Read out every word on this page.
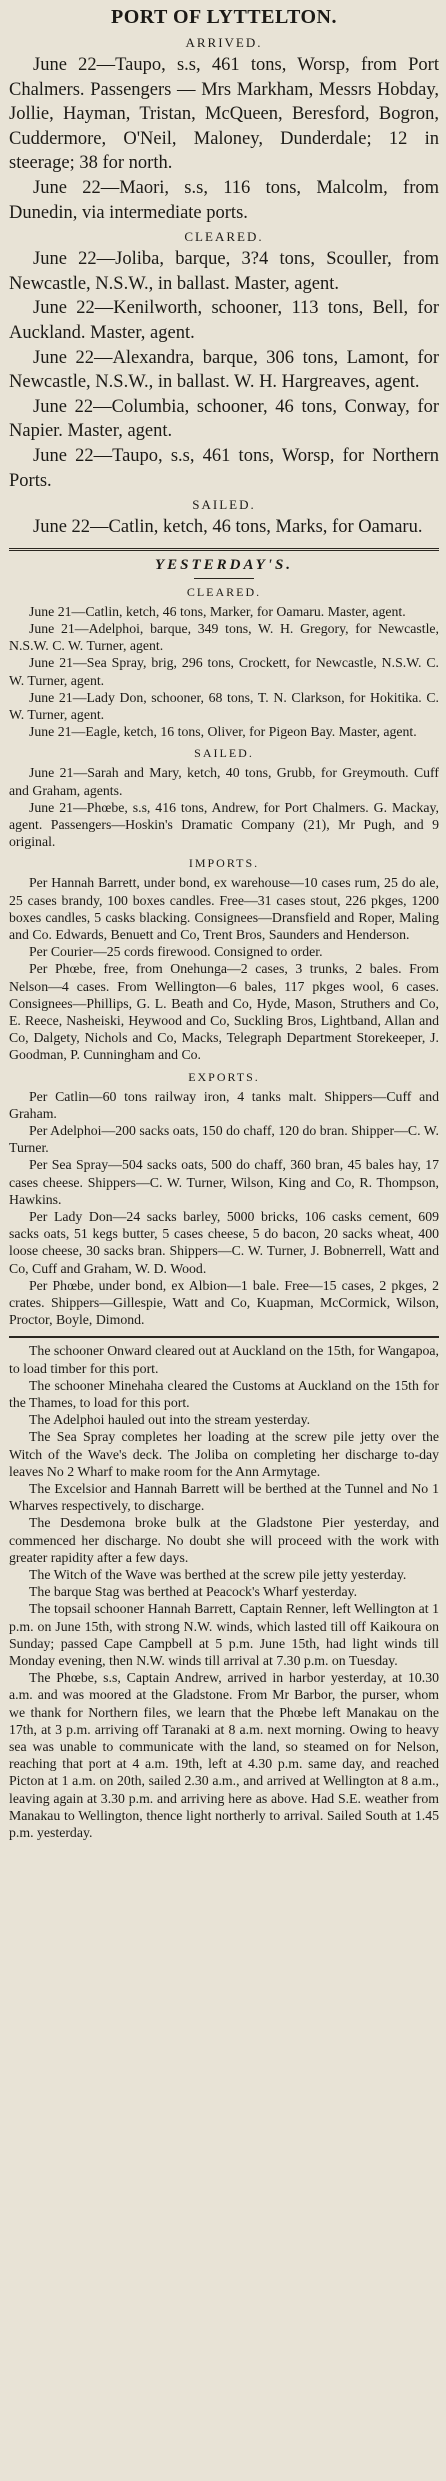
PORT OF LYTTELTON.
ARRIVED.

June 22—Taupo, s.s, 461 tons, Worsp, from Port Chalmers. Passengers — Mrs Markham, Messrs Hobday, Jollie, Hayman, Tristan, McQueen, Beresford, Bogron, Cuddermore, O'Neil, Maloney, Dunderdale; 12 in steerage; 38 for north.

June 22—Maori, s.s, 116 tons, Malcolm, from Dunedin, via intermediate ports.

CLEARED.

June 22—Joliba, barque, 3?4 tons, Scouller, from Newcastle, N.S.W., in ballast. Master, agent.

June 22—Kenilworth, schooner, 113 tons, Bell, for Auckland. Master, agent.

June 22—Alexandra, barque, 306 tons, Lamont, for Newcastle, N.S.W., in ballast. W. H. Hargreaves, agent.

June 22—Columbia, schooner, 46 tons, Conway, for Napier. Master, agent.

June 22—Taupo, s.s, 461 tons, Worsp, for Northern Ports.

SAILED.

June 22—Catlin, ketch, 46 tons, Marks, for Oamaru.

YESTERDAY'S.
CLEARED.

June 21—Catlin, ketch, 46 tons, Marker, for Oamaru. Master, agent.

June 21—Adelphoi, barque, 349 tons, W. H. Gregory, for Newcastle, N.S.W. C. W. Turner, agent.

June 21—Sea Spray, brig, 296 tons, Crockett, for Newcastle, N.S.W. C. W. Turner, agent.

June 21—Lady Don, schooner, 68 tons, T. N. Clarkson, for Hokitika. C. W. Turner, agent.

June 21—Eagle, ketch, 16 tons, Oliver, for Pigeon Bay. Master, agent.

SAILED.

June 21—Sarah and Mary, ketch, 40 tons, Grubb, for Greymouth. Cuff and Graham, agents.

June 21—Phœbe, s.s, 416 tons, Andrew, for Port Chalmers. G. Mackay, agent. Passengers—Hoskin's Dramatic Company (21), Mr Pugh, and 9 original.

IMPORTS.

Per Hannah Barrett, under bond, ex warehouse—10 cases rum, 25 do ale, 25 cases brandy, 100 boxes candles. Free—31 cases stout, 226 pkges, 1200 boxes candles, 5 casks blacking. Consignees—Dransfield and Roper, Maling and Co. Edwards, Benuett and Co, Trent Bros, Saunders and Henderson.

Per Courier—25 cords firewood. Consigned to order.

Per Phœbe, free, from Onehunga—2 cases, 3 trunks, 2 bales. From Nelson—4 cases. From Wellington—6 bales, 117 pkges wool, 6 cases. Consignees—Phillips, G. L. Beath and Co, Hyde, Mason, Struthers and Co, E. Reece, Nasheiski, Heywood and Co, Suckling Bros, Lightband, Allan and Co, Dalgety, Nichols and Co, Macks, Telegraph Department Storekeeper, J. Goodman, P. Cunningham and Co.

EXPORTS.

Per Catlin—60 tons railway iron, 4 tanks malt. Shippers—Cuff and Graham.

Per Adelphoi—200 sacks oats, 150 do chaff, 120 do bran. Shipper—C. W. Turner.

Per Sea Spray—504 sacks oats, 500 do chaff, 360 bran, 45 bales hay, 17 cases cheese. Shippers—C. W. Turner, Wilson, King and Co, R. Thompson, Hawkins.

Per Lady Don—24 sacks barley, 5000 bricks, 106 casks cement, 609 sacks oats, 51 kegs butter, 5 cases cheese, 5 do bacon, 20 sacks wheat, 400 loose cheese, 30 sacks bran. Shippers—C. W. Turner, J. Bobnerrell, Watt and Co, Cuff and Graham, W. D. Wood.

Per Phœbe, under bond, ex Albion—1 bale. Free—15 cases, 2 pkges, 2 crates. Shippers—Gillespie, Watt and Co, Kuapman, McCormick, Wilson, Proctor, Boyle, Dimond.

The schooner Onward cleared out at Auckland on the 15th, for Wangapoa, to load timber for this port.

The schooner Minehaha cleared the Customs at Auckland on the 15th for the Thames, to load for this port.

The Adelphoi hauled out into the stream yesterday.

The Sea Spray completes her loading at the screw pile jetty over the Witch of the Wave's deck. The Joliba on completing her discharge to-day leaves No 2 Wharf to make room for the Ann Armytage.

The Excelsior and Hannah Barrett will be berthed at the Tunnel and No 1 Wharves respectively, to discharge.

The Desdemona broke bulk at the Gladstone Pier yesterday, and commenced her discharge. No doubt she will proceed with the work with greater rapidity after a few days.

The Witch of the Wave was berthed at the screw pile jetty yesterday.

The barque Stag was berthed at Peacock's Wharf yesterday.

The topsail schooner Hannah Barrett, Captain Renner, left Wellington at 1 p.m. on June 15th, with strong N.W. winds, which lasted till off Kaikoura on Sunday; passed Cape Campbell at 5 p.m. June 15th, had light winds till Monday evening, then N.W. winds till arrival at 7.30 p.m. on Tuesday.

The Phœbe, s.s, Captain Andrew, arrived in harbor yesterday, at 10.30 a.m. and was moored at the Gladstone. From Mr Barbor, the purser, whom we thank for Northern files, we learn that the Phœbe left Manakau on the 17th, at 3 p.m. arriving off Taranaki at 8 a.m. next morning. Owing to heavy sea was unable to communicate with the land, so steamed on for Nelson, reaching that port at 4 a.m. 19th, left at 4.30 p.m. same day, and reached Picton at 1 a.m. on 20th, sailed 2.30 a.m., and arrived at Wellington at 8 a.m., leaving again at 3.30 p.m. and arriving here as above. Had S.E. weather from Manakau to Wellington, thence light northerly to arrival. Sailed South at 1.45 p.m. yesterday.
